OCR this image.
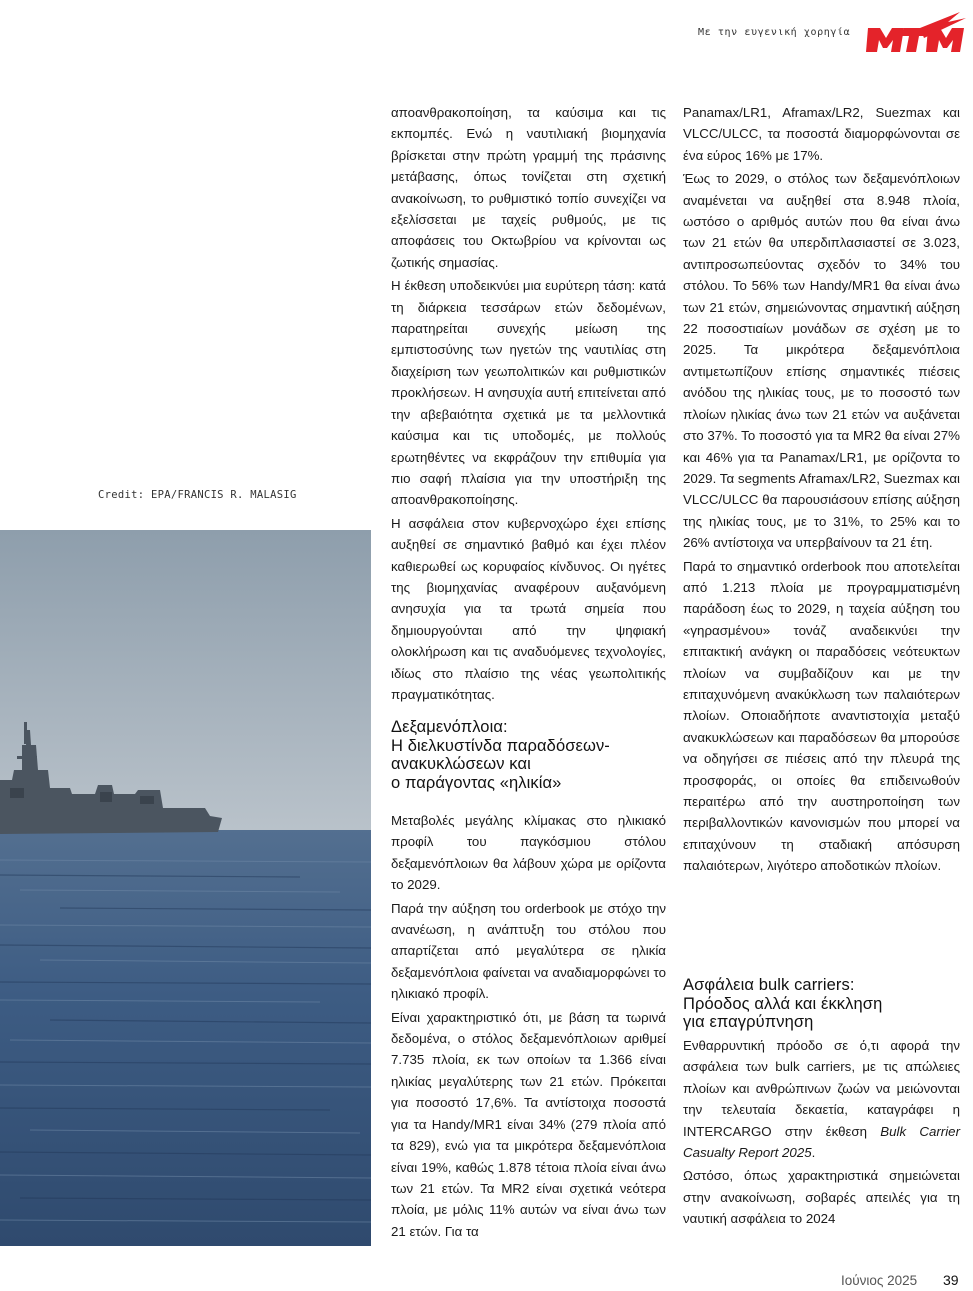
Με την ευγενική χορηγία
Credit: EPA/FRANCIS R. MALASIG

αποανθρακοποίηση, τα καύσιμα και τις εκπομπές. Ενώ η ναυτιλιακή βιομηχανία βρίσκεται στην πρώτη γραμμή της πράσινης μετάβασης, όπως τονίζεται στη σχετική ανακοίνωση, το ρυθμιστικό τοπίο συνεχίζει να εξελίσσεται με ταχείς ρυθμούς, με τις αποφάσεις του Οκτωβρίου να κρίνονται ως ζωτικής σημασίας.

Η έκθεση υποδεικνύει μια ευρύτερη τάση: κατά τη διάρκεια τεσσάρων ετών δεδομένων, παρατηρείται συνεχής μείωση της εμπιστοσύνης των ηγετών της ναυτιλίας στη διαχείριση των γεωπολιτικών και ρυθμιστικών προκλήσεων. Η ανησυχία αυτή επιτείνεται από την αβεβαιότητα σχετικά με τα μελλοντικά καύσιμα και τις υποδομές, με πολλούς ερωτηθέντες να εκφράζουν την επιθυμία για πιο σαφή πλαίσια για την υποστήριξη της απoανθρακοποίησης.

Η ασφάλεια στον κυβερνοχώρο έχει επίσης αυξηθεί σε σημαντικό βαθμό και έχει πλέον καθιερωθεί ως κορυφαίος κίνδυνος. Οι ηγέτες της βιομηχανίας αναφέρουν αυξανόμενη ανησυχία για τα τρωτά σημεία που δημιουργούνται από την ψηφιακή ολοκλήρωση και τις αναδυόμενες τεχνολογίες, ιδίως στο πλαίσιο της νέας γεωπολιτικής πραγματικότητας.

Δεξαμενόπλοια:
Η διελκυστίνδα παραδόσεων-
ανακυκλώσεων και
ο παράγοντας «ηλικία»

Μεταβολές μεγάλης κλίμακας στο ηλικιακό προφίλ του παγκόσμιου στόλου δεξαμενόπλοιων θα λάβουν χώρα με ορίζοντα το 2029.

Παρά την αύξηση του orderbook με στόχο την ανανέωση, η ανάπτυξη του στόλου που απαρτίζεται από μεγαλύτερα σε ηλικία δεξαμενόπλοια φαίνεται να αναδιαμορφώνει το ηλικιακό προφίλ.

Είναι χαρακτηριστικό ότι, με βάση τα τωρινά δεδομένα, ο στόλος δεξαμενόπλοιων αριθμεί 7.735 πλοία, εκ των οποίων τα 1.366 είναι ηλικίας μεγαλύτερης των 21 ετών. Πρόκειται για ποσοστό 17,6%. Τα αντίστοιχα ποσοστά για τα Handy/MR1 είναι 34% (279 πλοία από τα 829), ενώ για τα μικρότερα δεξαμενόπλοια είναι 19%, καθώς 1.878 τέτοια πλοία είναι άνω των 21 ετών. Τα MR2 είναι σχετικά νεότερα πλοία, με μόλις 11% αυτών να είναι άνω των 21 ετών. Για τα

Panamax/LR1, Aframax/LR2, Suezmax και VLCC/ULCC, τα ποσοστά διαμορφώνονται σε ένα εύρος 16% με 17%.

Έως το 2029, ο στόλος των δεξαμενόπλοιων αναμένεται να αυξηθεί στα 8.948 πλοία, ωστόσο ο αριθμός αυτών που θα είναι άνω των 21 ετών θα υπερδιπλασιαστεί σε 3.023, αντιπροσωπεύοντας σχεδόν το 34% του στόλου. Το 56% των Handy/MR1 θα είναι άνω των 21 ετών, σημειώνοντας σημαντική αύξηση 22 ποσοστιαίων μονάδων σε σχέση με το 2025. Τα μικρότερα δεξαμενόπλοια αντιμετωπίζουν επίσης σημαντικές πιέσεις ανόδου της ηλικίας τους, με το ποσοστό των πλοίων ηλικίας άνω των 21 ετών να αυξάνεται στο 37%. Το ποσοστό για τα MR2 θα είναι 27% και 46% για τα Panamax/LR1, με ορίζοντα το 2029. Τα segments Aframax/LR2, Suezmax και VLCC/ULCC θα παρουσιάσουν επίσης αύξηση της ηλικίας τους, με το 31%, το 25% και το 26% αντίστοιχα να υπερβαίνουν τα 21 έτη.

Παρά το σημαντικό orderbook που αποτελείται από 1.213 πλοία με προγραμματισμένη παράδοση έως το 2029, η ταχεία αύξηση του «γηρασμένου» τονάζ αναδεικνύει την επιτακτική ανάγκη οι παραδόσεις νεότευκτων πλοίων να συμβαδίζουν και με την επιταχυνόμενη ανακύκλωση των παλαιότερων πλοίων. Οποιαδήποτε αναντιστοιχία μεταξύ ανακυκλώσεων και παραδόσεων θα μπορούσε να οδηγήσει σε πιέσεις από την πλευρά της προσφοράς, οι οποίες θα επιδεινωθούν περαιτέρω από την αυστηροποίηση των περιβαλλοντικών κανονισμών που μπορεί να επιταχύνουν τη σταδιακή απόσυρση παλαιότερων, λιγότερο αποδοτικών πλοίων.

Ασφάλεια bulk carriers:
Πρόοδος αλλά και έκκληση
για επαγρύπνηση

Ενθαρρυντική πρόοδο σε ό,τι αφορά την ασφάλεια των bulk carriers, με τις απώλειες πλοίων και ανθρώπινων ζωών να μειώνονται την τελευταία δεκαετία, καταγράφει η INTERCARGO στην έκθεση Bulk Carrier Casualty Report 2025.

Ωστόσο, όπως χαρακτηριστικά σημειώνεται στην ανακοίνωση, σοβαρές απειλές για τη ναυτική ασφάλεια το 2024

Ιούνιος 2025 39
